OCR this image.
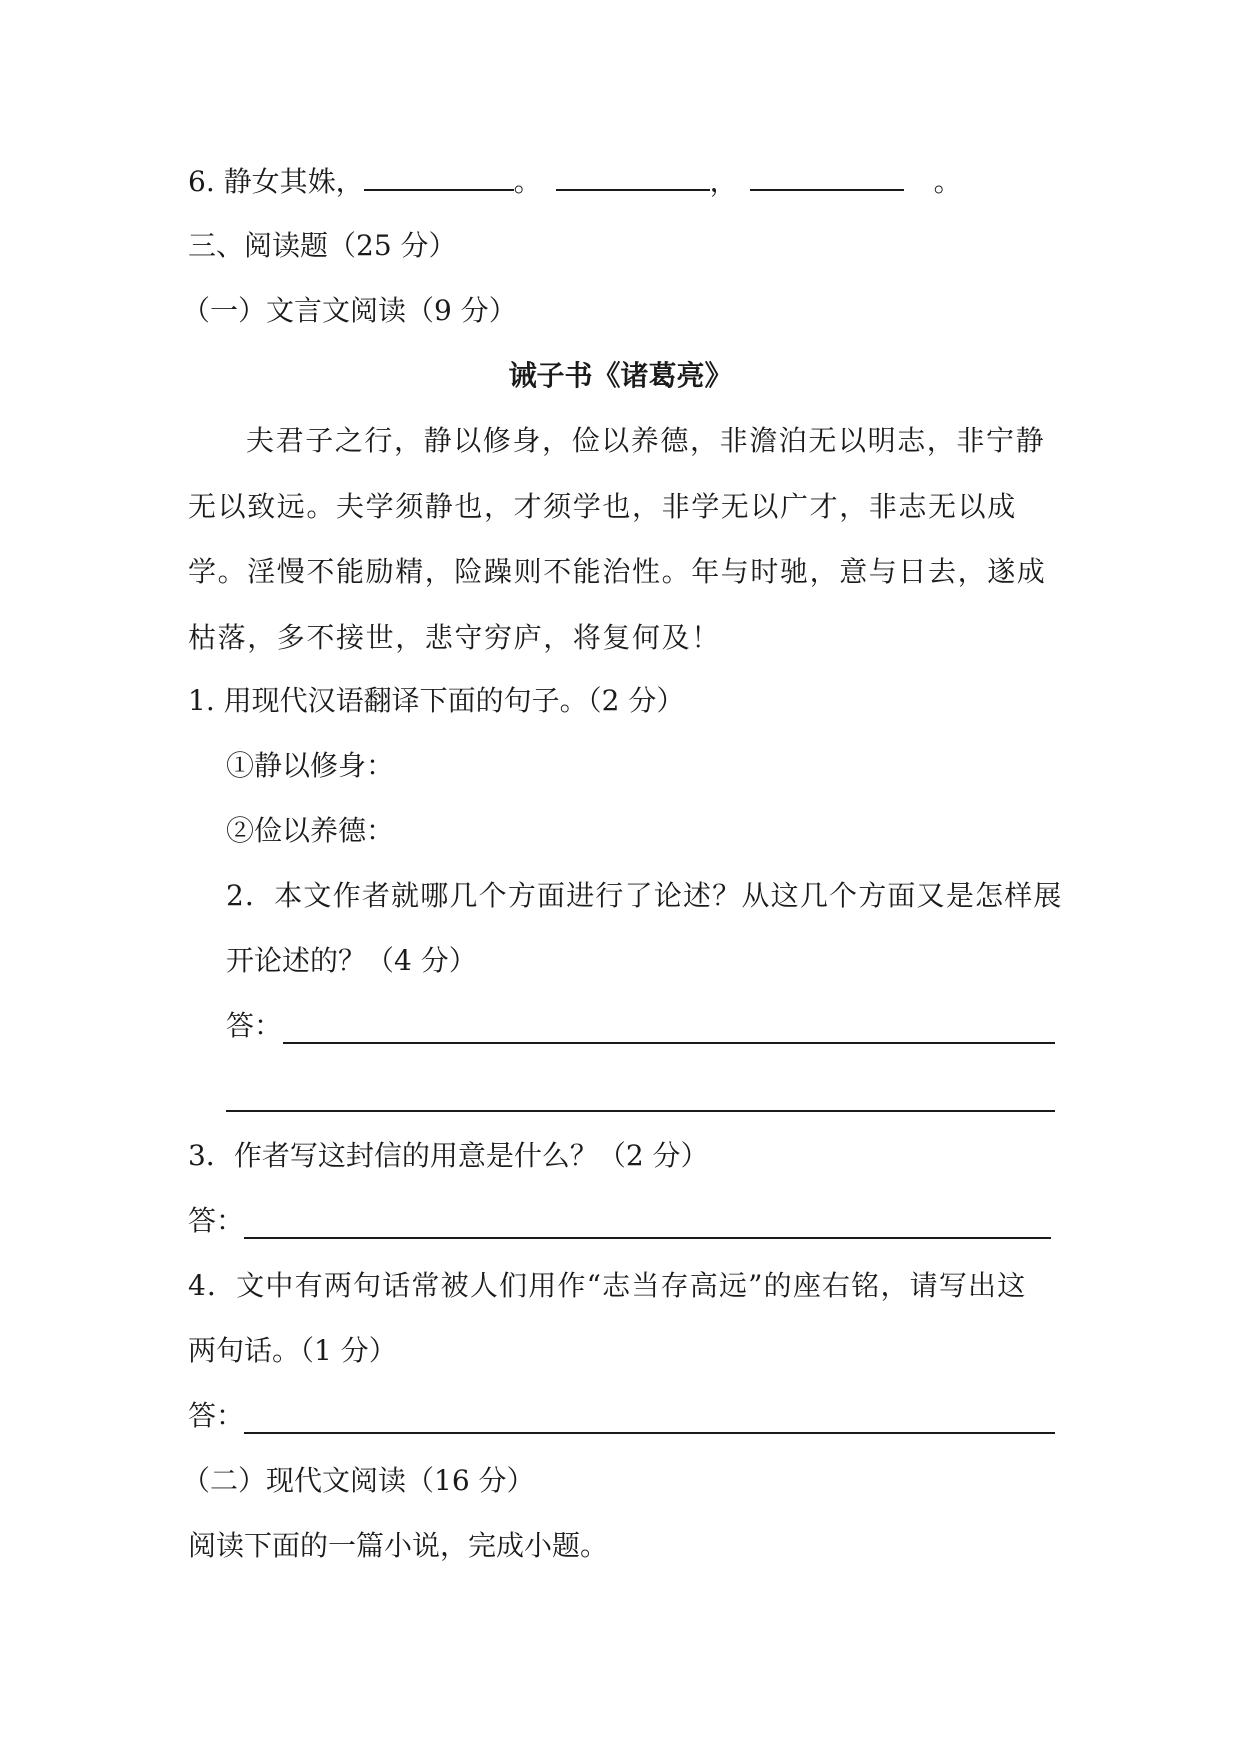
6. 静女其姝，	。	，	。
三、阅读题（25 分）
（一）文言文阅读（9 分）
诫子书《诸葛亮》

夫君子之行，静以修身，俭以养德，非澹泊无以明志，非宁静无以致远。夫学须静也，才须学也，非学无以广才，非志无以成学。淫慢不能励精，险躁则不能治性。年与时驰，意与日去，遂成枯落，多不接世，悲守穷庐，将复何及！

1. 用现代汉语翻译下面的句子。（2 分）
①静以修身：
②俭以养德：
2．本文作者就哪几个方面进行了论述？从这几个方面又是怎样展
开论述的？（4 分）
答：
3．作者写这封信的用意是什么？（2 分）
答：
4．文中有两句话常被人们用作“志当存高远”的座右铭，请写出这
两句话。（1 分）
答：
（二）现代文阅读（16 分）
阅读下面的一篇小说，完成小题。
